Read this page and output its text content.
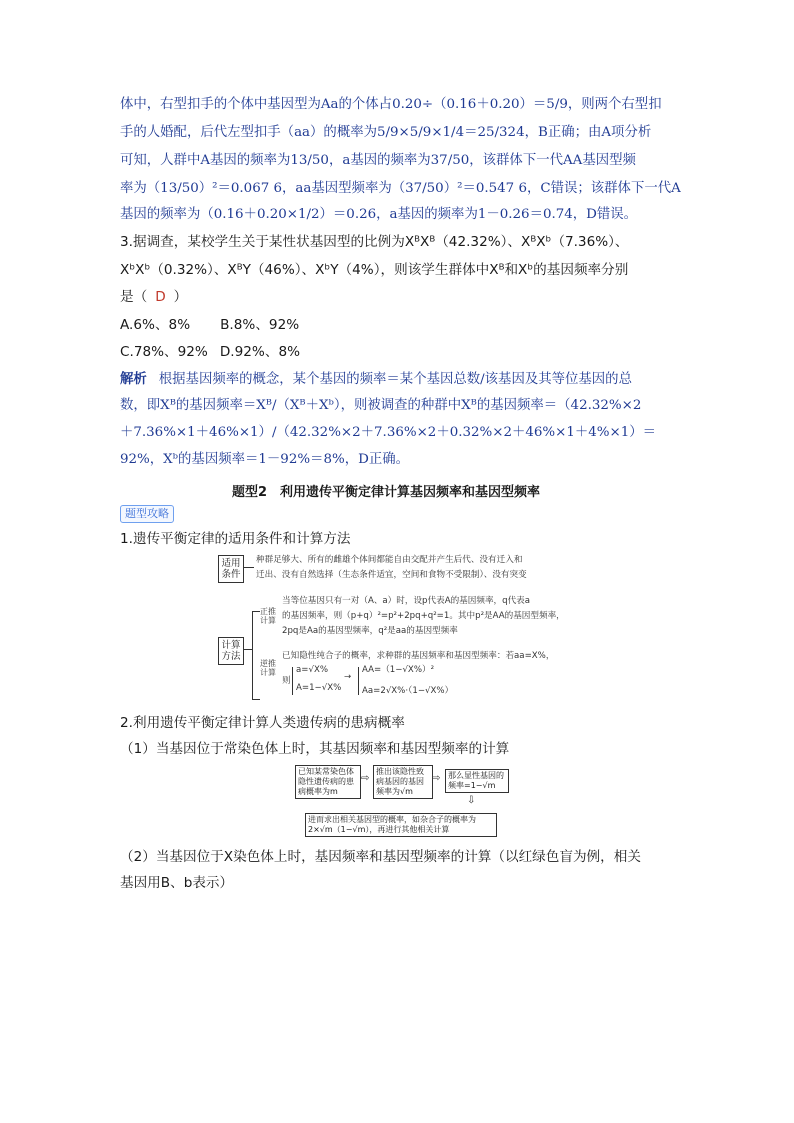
体中，右型扣手的个体中基因型为Aa的个体占0.20÷（0.16＋0.20）＝5/9，则两个右型扣
手的人婚配，后代左型扣手（aa）的概率为5/9×5/9×1/4＝25/324，B正确；由A项分析
可知，人群中A基因的频率为13/50，a基因的频率为37/50，该群体下一代AA基因型频
率为（13/50）²＝0.067 6，aa基因型频率为（37/50）²＝0.547 6，C错误；该群体下一代A
基因的频率为（0.16＋0.20×1/2）＝0.26，a基因的频率为1－0.26＝0.74，D错误。
3.据调查，某校学生关于某性状基因型的比例为XᴮXᴮ（42.32%）、XᴮXᵇ（7.36%）、
XᵇXᵇ（0.32%）、XᴮY（46%）、XᵇY（4%），则该学生群体中Xᴮ和Xᵇ的基因频率分别
是（ D ）
A.6%、8% B.8%、92%
C.78%、92% D.92%、8%
解析 根据基因频率的概念，某个基因的频率＝某个基因总数/该基因及其等位基因的总
数，即Xᴮ的基因频率＝Xᴮ/（Xᴮ＋Xᵇ），则被调查的种群中Xᴮ的基因频率＝（42.32%×2
＋7.36%×1＋46%×1）/（42.32%×2＋7.36%×2＋0.32%×2＋46%×1＋4%×1）＝
92%，Xᵇ的基因频率＝1－92%＝8%，D正确。
题型2　利用遗传平衡定律计算基因频率和基因型频率
题型攻略
1.遗传平衡定律的适用条件和计算方法
适用条件
种群足够大、所有的雌雄个体间都能自由交配并产生后代、没有迁入和
迁出、没有自然选择（生态条件适宜，空间和食物不受限制）、没有突变
计算方法
正推计算
当等位基因只有一对（A、a）时，设p代表A的基因频率，q代表a
的基因频率，则（p+q）²=p²+2pq+q²=1。其中p²是AA的基因型频率，
2pq是Aa的基因型频率，q²是aa的基因型频率
逆推计算
已知隐性纯合子的概率，求种群的基因频率和基因型频率：若aa=X%，
则
a=√X%
A=1−√X%
→
AA=（1−√X%）²
Aa=2√X%·（1−√X%）
2.利用遗传平衡定律计算人类遗传病的患病概率
（1）当基因位于常染色体上时，其基因频率和基因型频率的计算
已知某常染色体隐性遗传病的患病概率为m
⇨
推出该隐性致病基因的基因频率为√m
⇨ 那么显性基因的频率=1−√m
⇩
进而求出相关基因型的概率，如杂合子的概率为2×√m（1−√m），再进行其他相关计算
（2）当基因位于X染色体上时，基因频率和基因型频率的计算（以红绿色盲为例，相关
基因用B、b表示）
